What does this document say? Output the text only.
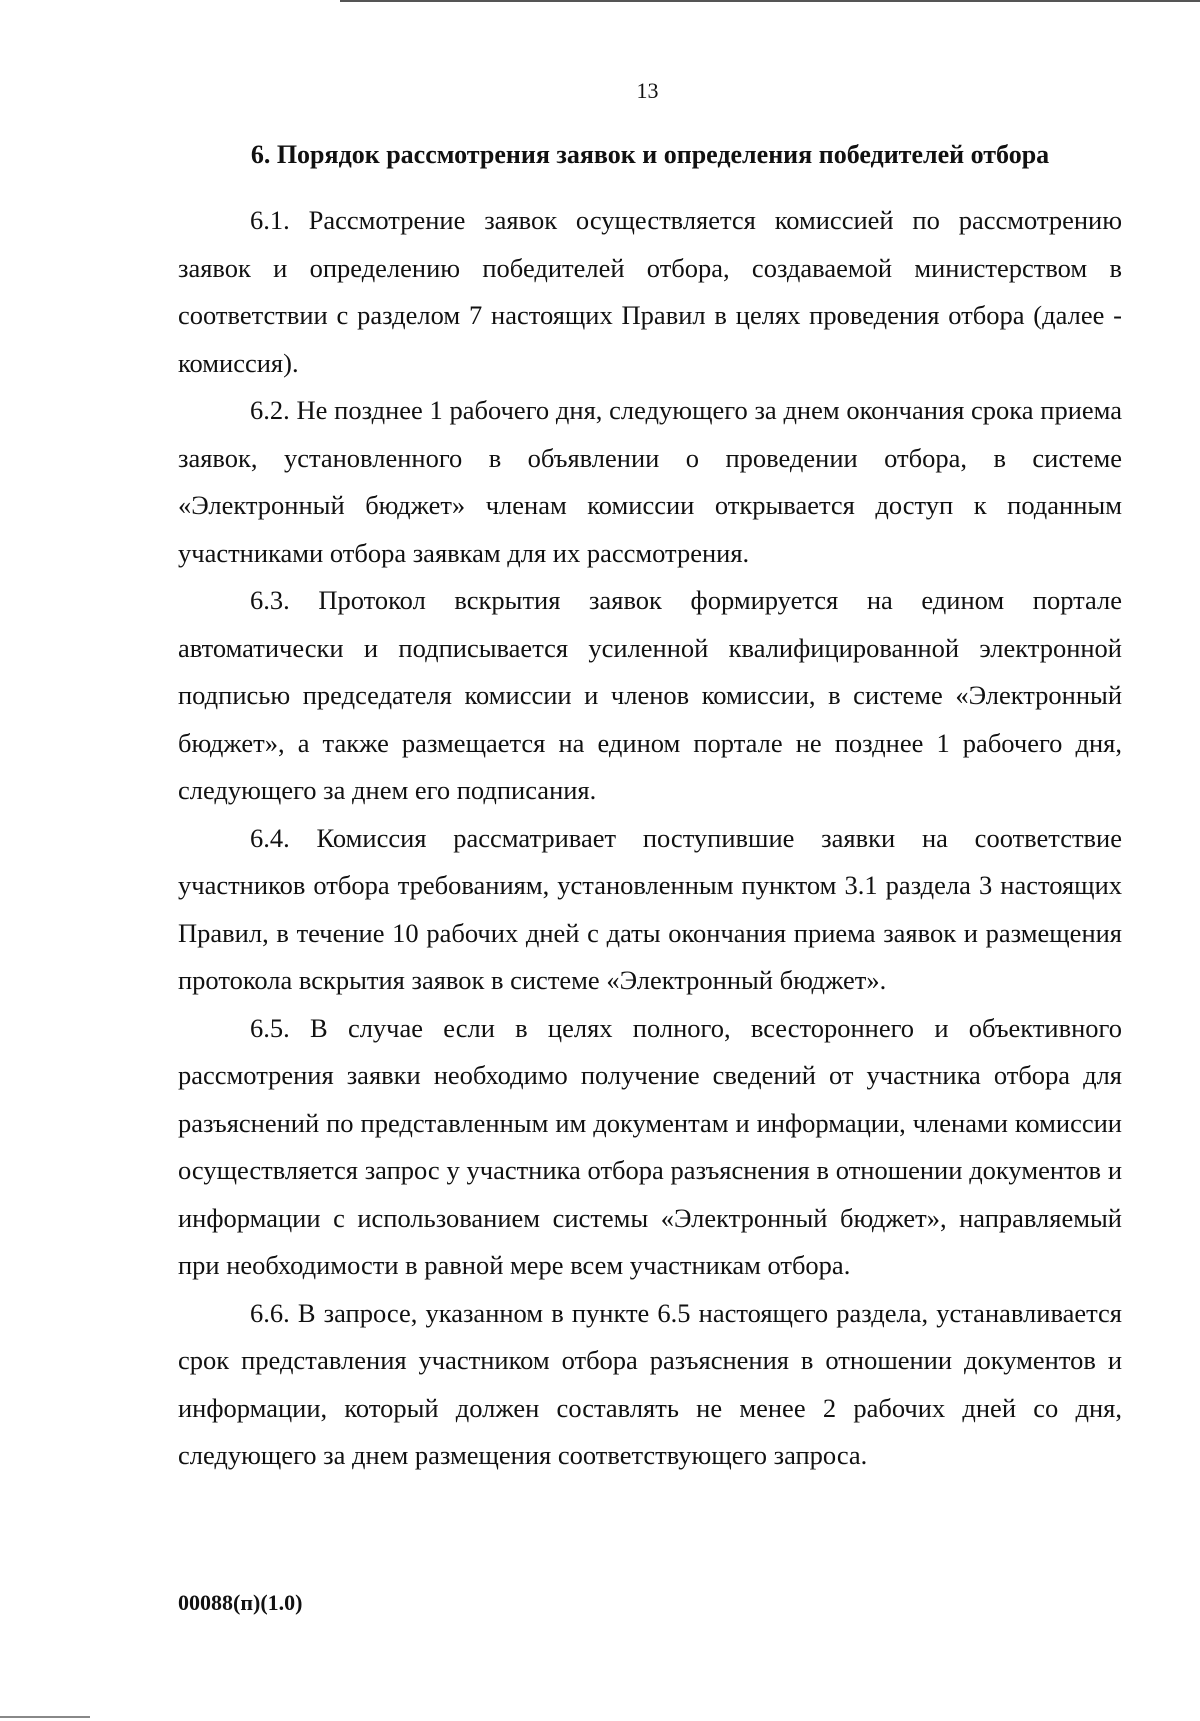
13
6. Порядок рассмотрения заявок и определения победителей отбора

6.1. Рассмотрение заявок осуществляется комиссией по рассмотрению заявок и определению победителей отбора, создаваемой министерством в соответствии с разделом 7 настоящих Правил в целях проведения отбора (далее - комиссия).

6.2. Не позднее 1 рабочего дня, следующего за днем окончания срока приема заявок, установленного в объявлении о проведении отбора, в системе «Электронный бюджет» членам комиссии открывается доступ к поданным участниками отбора заявкам для их рассмотрения.

6.3. Протокол вскрытия заявок формируется на едином портале автоматически и подписывается усиленной квалифицированной электронной подписью председателя комиссии и членов комиссии, в системе «Электронный бюджет», а также размещается на едином портале не позднее 1 рабочего дня, следующего за днем его подписания.

6.4. Комиссия рассматривает поступившие заявки на соответствие участников отбора требованиям, установленным пунктом 3.1 раздела 3 настоящих Правил, в течение 10 рабочих дней с даты окончания приема заявок и размещения протокола вскрытия заявок в системе «Электронный бюджет».

6.5. В случае если в целях полного, всестороннего и объективного рассмотрения заявки необходимо получение сведений от участника отбора для разъяснений по представленным им документам и информации, членами комиссии осуществляется запрос у участника отбора разъяснения в отношении документов и информации с использованием системы «Электронный бюджет», направляемый при необходимости в равной мере всем участникам отбора.

6.6. В запросе, указанном в пункте 6.5 настоящего раздела, устанавливается срок представления участником отбора разъяснения в отношении документов и информации, который должен составлять не менее 2 рабочих дней со дня, следующего за днем размещения соответствующего запроса.

00088(п)(1.0)
